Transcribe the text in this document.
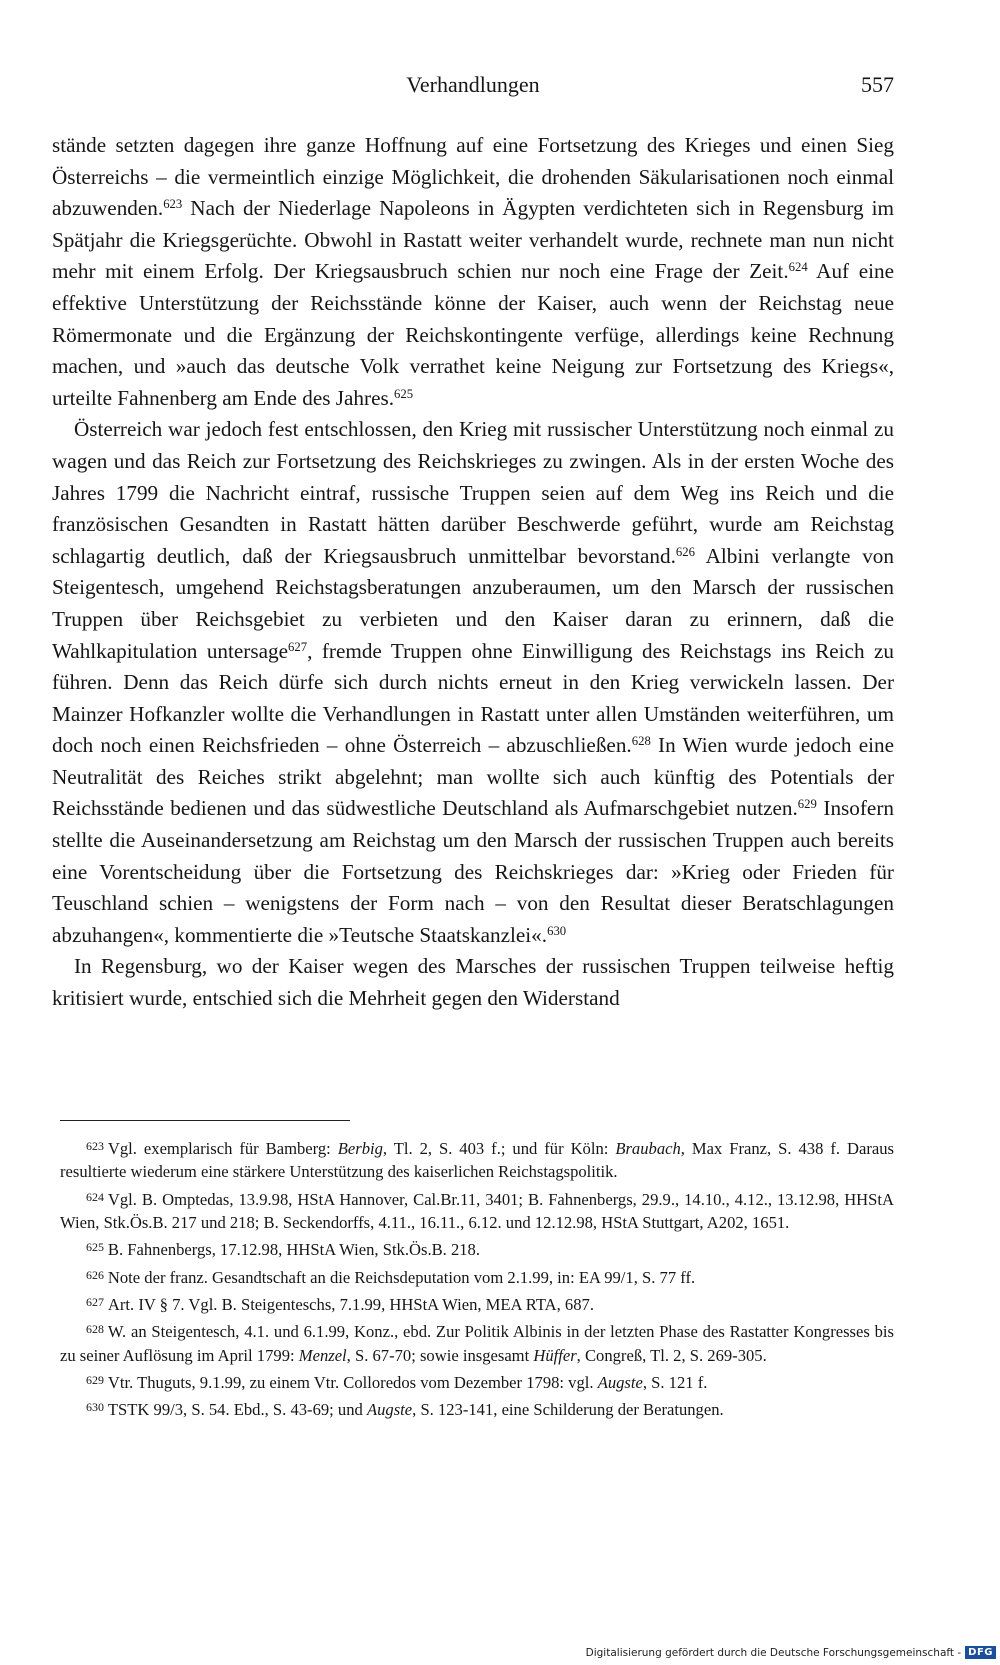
Verhandlungen	557

stände setzten dagegen ihre ganze Hoffnung auf eine Fortsetzung des Krieges und einen Sieg Österreichs – die vermeintlich einzige Möglichkeit, die drohenden Säkularisationen noch einmal abzuwenden.$^{623}$ Nach der Niederlage Napoleons in Ägypten verdichteten sich in Regensburg im Spätjahr die Kriegsgerüchte. Obwohl in Rastatt weiter verhandelt wurde, rechnete man nun nicht mehr mit einem Erfolg. Der Kriegsausbruch schien nur noch eine Frage der Zeit.$^{624}$ Auf eine effektive Unterstützung der Reichsstände könne der Kaiser, auch wenn der Reichstag neue Römermonate und die Ergänzung der Reichskontingente verfüge, allerdings keine Rechnung machen, und »auch das deutsche Volk verrathet keine Neigung zur Fortsetzung des Kriegs«, urteilte Fahnenberg am Ende des Jahres.$^{625}$

Österreich war jedoch fest entschlossen, den Krieg mit russischer Unterstützung noch einmal zu wagen und das Reich zur Fortsetzung des Reichskrieges zu zwingen. Als in der ersten Woche des Jahres 1799 die Nachricht eintraf, russische Truppen seien auf dem Weg ins Reich und die französischen Gesandten in Rastatt hätten darüber Beschwerde geführt, wurde am Reichstag schlagartig deutlich, daß der Kriegsausbruch unmittelbar bevorstand.$^{626}$ Albini verlangte von Steigentesch, umgehend Reichstagsberatungen anzuberaumen, um den Marsch der russischen Truppen über Reichsgebiet zu verbieten und den Kaiser daran zu erinnern, daß die Wahlkapitulation untersage$^{627}$, fremde Truppen ohne Einwilligung des Reichstags ins Reich zu führen. Denn das Reich dürfe sich durch nichts erneut in den Krieg verwickeln lassen. Der Mainzer Hofkanzler wollte die Verhandlungen in Rastatt unter allen Umständen weiterführen, um doch noch einen Reichsfrieden – ohne Österreich – abzuschließen.$^{628}$ In Wien wurde jedoch eine Neutralität des Reiches strikt abgelehnt; man wollte sich auch künftig des Potentials der Reichsstände bedienen und das südwestliche Deutschland als Aufmarschgebiet nutzen.$^{629}$ Insofern stellte die Auseinandersetzung am Reichstag um den Marsch der russischen Truppen auch bereits eine Vorentscheidung über die Fortsetzung des Reichskrieges dar: »Krieg oder Frieden für Teuschland schien – wenigstens der Form nach – von den Resultat dieser Beratschlagungen abzuhangen«, kommentierte die »Teutsche Staatskanzlei«.$^{630}$

In Regensburg, wo der Kaiser wegen des Marsches der russischen Truppen teilweise heftig kritisiert wurde, entschied sich die Mehrheit gegen den Widerstand

$^{623}$ Vgl. exemplarisch für Bamberg: Berbig, Tl. 2, S. 403 f.; und für Köln: Braubach, Max Franz, S. 438 f. Daraus resultierte wiederum eine stärkere Unterstützung des kaiserlichen Reichstagspolitik.

$^{624}$ Vgl. B. Omptedas, 13.9.98, HStA Hannover, Cal.Br.11, 3401; B. Fahnenbergs, 29.9., 14.10., 4.12., 13.12.98, HHStA Wien, Stk.Ös.B. 217 und 218; B. Seckendorffs, 4.11., 16.11., 6.12. und 12.12.98, HStA Stuttgart, A202, 1651.

$^{625}$ B. Fahnenbergs, 17.12.98, HHStA Wien, Stk.Ös.B. 218.

$^{626}$ Note der franz. Gesandtschaft an die Reichsdeputation vom 2.1.99, in: EA 99/1, S. 77 ff.

$^{627}$ Art. IV § 7. Vgl. B. Steigenteschs, 7.1.99, HHStA Wien, MEA RTA, 687.

$^{628}$ W. an Steigentesch, 4.1. und 6.1.99, Konz., ebd. Zur Politik Albinis in der letzten Phase des Rastatter Kongresses bis zu seiner Auflösung im April 1799: Menzel, S. 67-70; sowie insgesamt Hüffer, Congreß, Tl. 2, S. 269-305.

$^{629}$ Vtr. Thuguts, 9.1.99, zu einem Vtr. Colloredos vom Dezember 1798: vgl. Augste, S. 121 f.

$^{630}$ TSTK 99/3, S. 54. Ebd., S. 43-69; und Augste, S. 123-141, eine Schilderung der Beratungen.

Digitalisierung gefördert durch die Deutsche Forschungsgemeinschaft - DFG
